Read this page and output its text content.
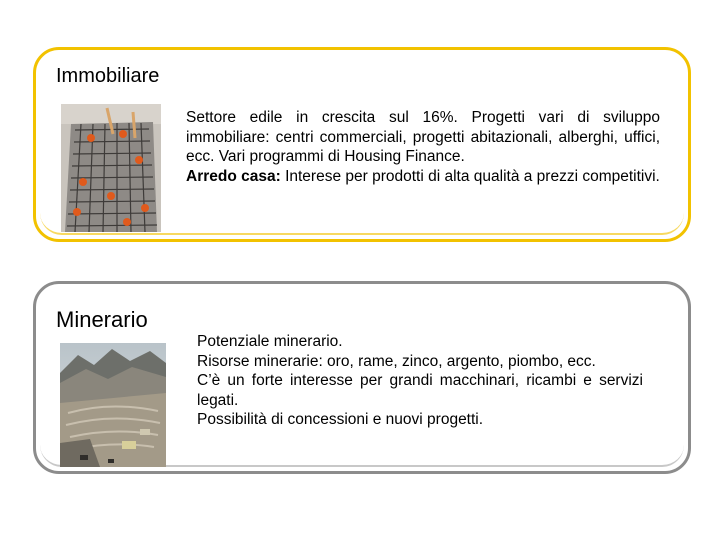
Immobiliare

Settore edile in crescita sul 16%. Progetti vari di sviluppo immobiliare: centri commerciali, progetti abitazionali, alberghi, uffici, ecc. Vari programmi di Housing Finance.

Arredo casa: Interese per prodotti di alta qualità a prezzi competitivi.

Minerario

Potenziale minerario.

Risorse minerarie: oro, rame, zinco, argento, piombo, ecc.

C’è un forte interesse per grandi macchinari, ricambi e servizi legati.

Possibilità di concessioni e nuovi progetti.
